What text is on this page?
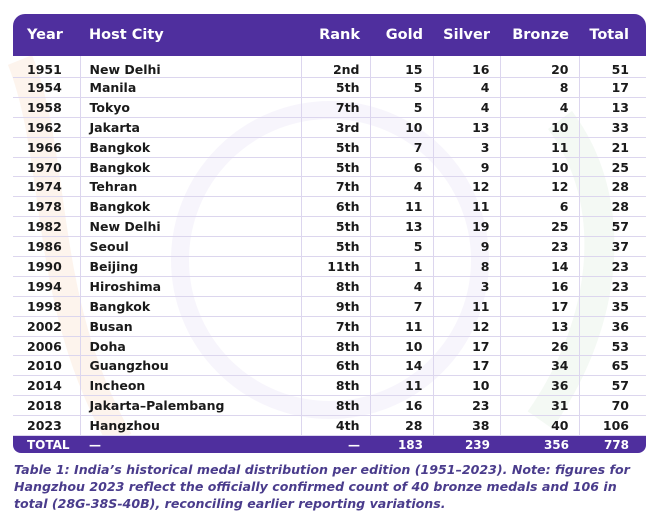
Year	Host City	Rank	Gold	Silver	Bronze	Total
1951	New Delhi	2nd	15	16	20	51
1954	Manila	5th	5	4	8	17
1958	Tokyo	7th	5	4	4	13
1962	Jakarta	3rd	10	13	10	33
1966	Bangkok	5th	7	3	11	21
1970	Bangkok	5th	6	9	10	25
1974	Tehran	7th	4	12	12	28
1978	Bangkok	6th	11	11	6	28
1982	New Delhi	5th	13	19	25	57
1986	Seoul	5th	5	9	23	37
1990	Beijing	11th	1	8	14	23
1994	Hiroshima	8th	4	3	16	23
1998	Bangkok	9th	7	11	17	35
2002	Busan	7th	11	12	13	36
2006	Doha	8th	10	17	26	53
2010	Guangzhou	6th	14	17	34	65
2014	Incheon	8th	11	10	36	57
2018	Jakarta–Palembang	8th	16	23	31	70
2023	Hangzhou	4th	28	38	40	106
TOTAL	—	—	183	239	356	778

Table 1: India’s historical medal distribution per edition (1951–2023). Note: figures for Hangzhou 2023 reflect the officially confirmed count of 40 bronze medals and 106 in total (28G-38S-40B), reconciling earlier reporting variations.
